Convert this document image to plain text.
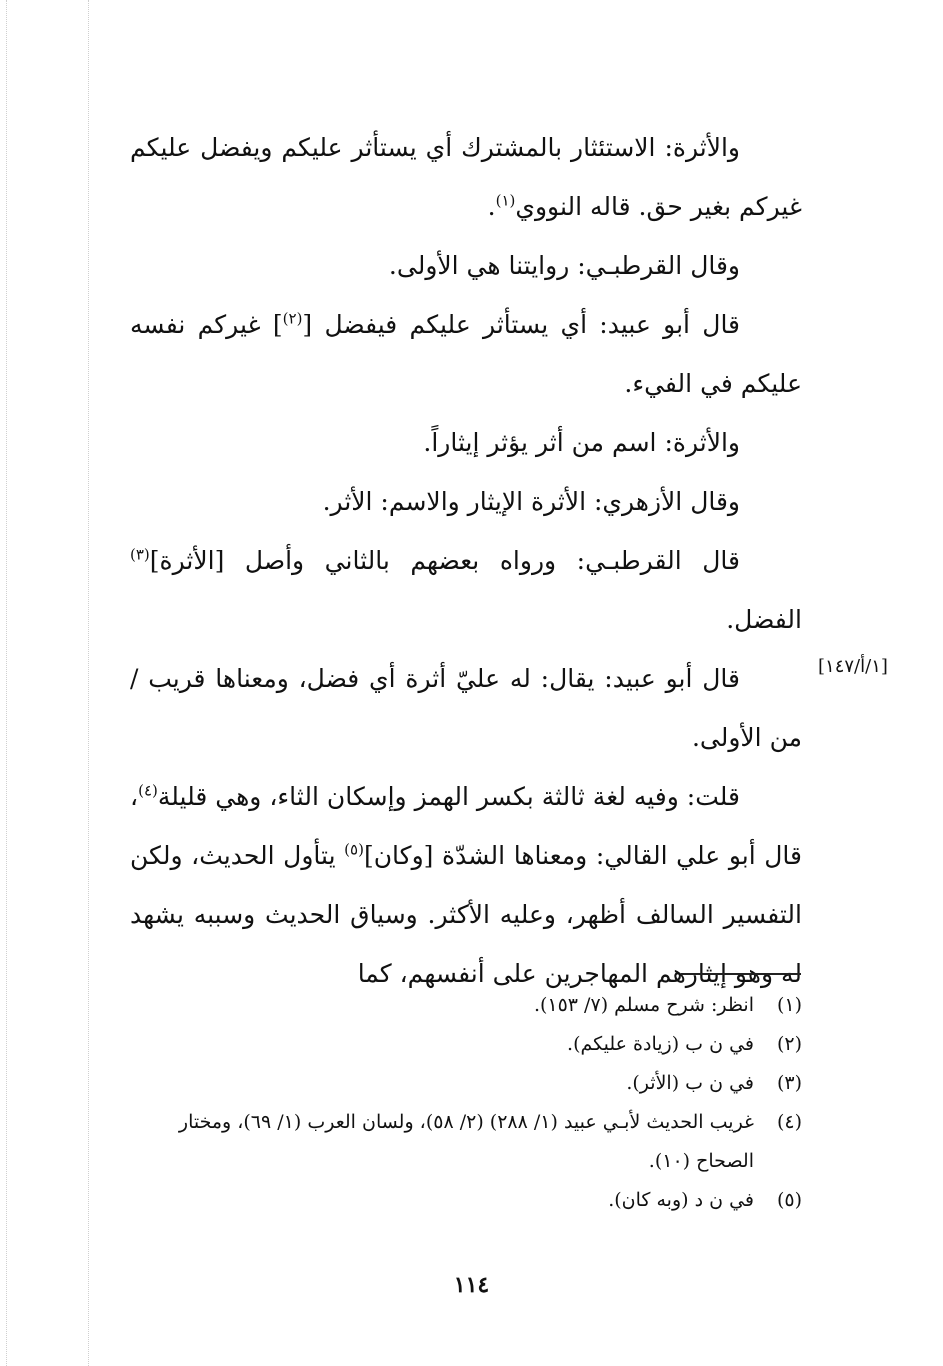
والأثرة: الاستئثار بالمشترك أي يستأثر عليكم ويفضل عليكم غيركم بغير حق. قاله النووي$^{(١)}$.

وقال القرطبـي: روايتنا هي الأولى.

قال أبو عبيد: أي يستأثر عليكم فيفضل [$^{(٢)}$] غيركم نفسه عليكم في الفيء.

والأثرة: اسم من أثر يؤثر إيثاراً.

وقال الأزهري: الأثرة الإيثار والاسم: الأثر.

قال القرطبـي: ورواه بعضهم بالثاني وأصل [الأثرة]$^{(٣)}$ الفضل.

قال أبو عبيد: يقال: له عليّ أثرة أي فضل، ومعناها قريب / من الأولى.

قلت: وفيه لغة ثالثة بكسر الهمز وإسكان الثاء، وهي قليلة$^{(٤)}$، قال أبو علي القالي: ومعناها الشدّة [وكان]$^{(٥)}$ يتأول الحديث، ولكن التفسير السالف أظهر، وعليه الأكثر. وسياق الحديث وسببه يشهد له وهو إيثارهم المهاجرين على أنفسهم، كما

[١/أ/١٤٧]

(١)انظر: شرح مسلم (٧/ ١٥٣).

(٢)في ن ب (زيادة عليكم).

(٣)في ن ب (الأثر).

(٤)غريب الحديث لأبـي عبيد (١/ ٢٨٨) (٢/ ٥٨)، ولسان العرب (١/ ٦٩)، ومختار الصحاح (١٠).

(٥)في ن د (وبه كان).

١١٤
